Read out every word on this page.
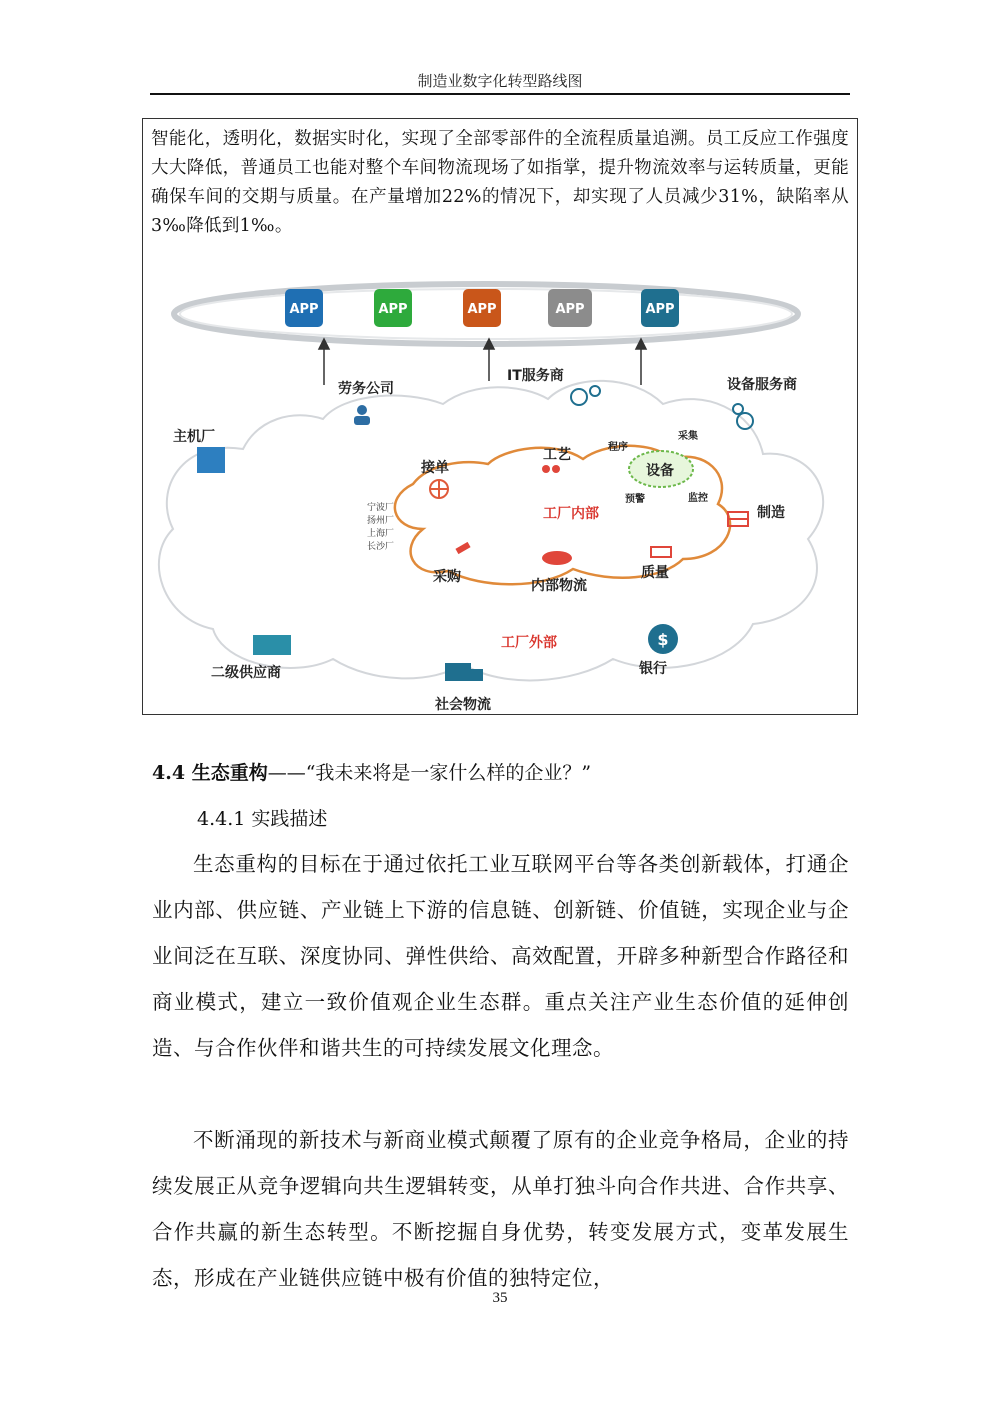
制造业数字化转型路线图
智能化，透明化，数据实时化，实现了全部零部件的全流程质量追溯。员工反应工作强度大大降低，普通员工也能对整个车间物流现场了如指掌，提升物流效率与运转质量，更能确保车间的交期与质量。在产量增加22%的情况下，却实现了人员减少31%，缺陷率从3‰降低到1‰。
APP	APP	APP	APP	APP
$
劳务公司
IT服务商
设备服务商
主机厂
接单
工艺
设备
制造
采购
内部物流
质量
银行
二级供应商
社会物流
程序
采集
预警	监控
宁波厂
扬州厂
上海厂
长沙厂
工厂内部
工厂外部
4.4 生态重构——“我未来将是一家什么样的企业？”
4.4.1 实践描述
生态重构的目标在于通过依托工业互联网平台等各类创新载体，打通企业内部、供应链、产业链上下游的信息链、创新链、价值链，实现企业与企业间泛在互联、深度协同、弹性供给、高效配置，开辟多种新型合作路径和商业模式，建立一致价值观企业生态群。重点关注产业生态价值的延伸创造、与合作伙伴和谐共生的可持续发展文化理念。
不断涌现的新技术与新商业模式颠覆了原有的企业竞争格局，企业的持续发展正从竞争逻辑向共生逻辑转变，从单打独斗向合作共进、合作共享、合作共赢的新生态转型。不断挖掘自身优势，转变发展方式，变革发展生态，形成在产业链供应链中极有价值的独特定位，
35
